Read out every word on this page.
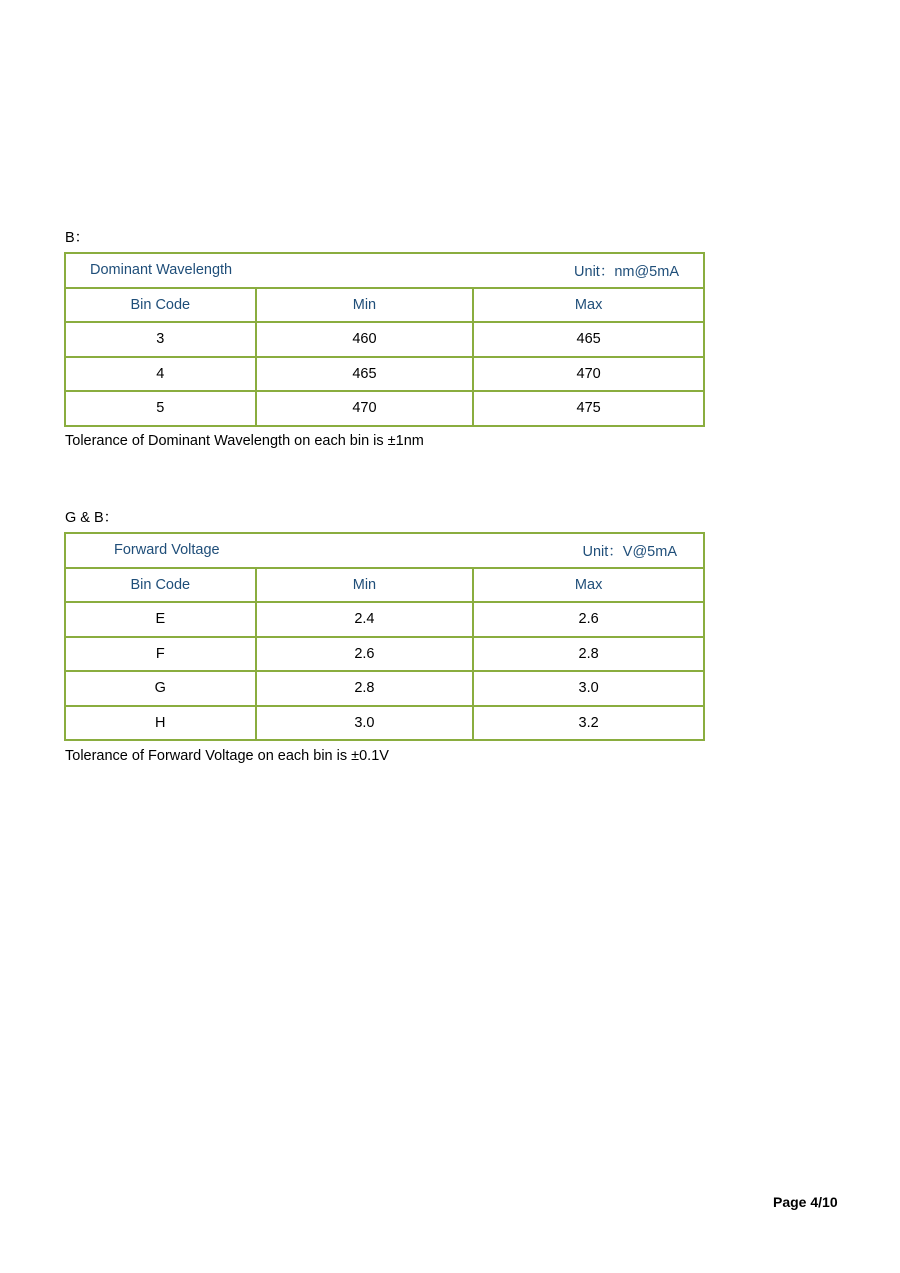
B：
Dominant Wavelength Unit：nm@5mA		

Bin Code	Min	Max
3	460	465
4	465	470
5	470	475
Tolerance of Dominant Wavelength on each bin is ±1nm
G & B：
Forward Voltage Unit：V@5mA		

Bin Code	Min	Max
E	2.4	2.6
F	2.6	2.8
G	2.8	3.0
H	3.0	3.2
Tolerance of Forward Voltage on each bin is ±0.1V
Page 4/10
